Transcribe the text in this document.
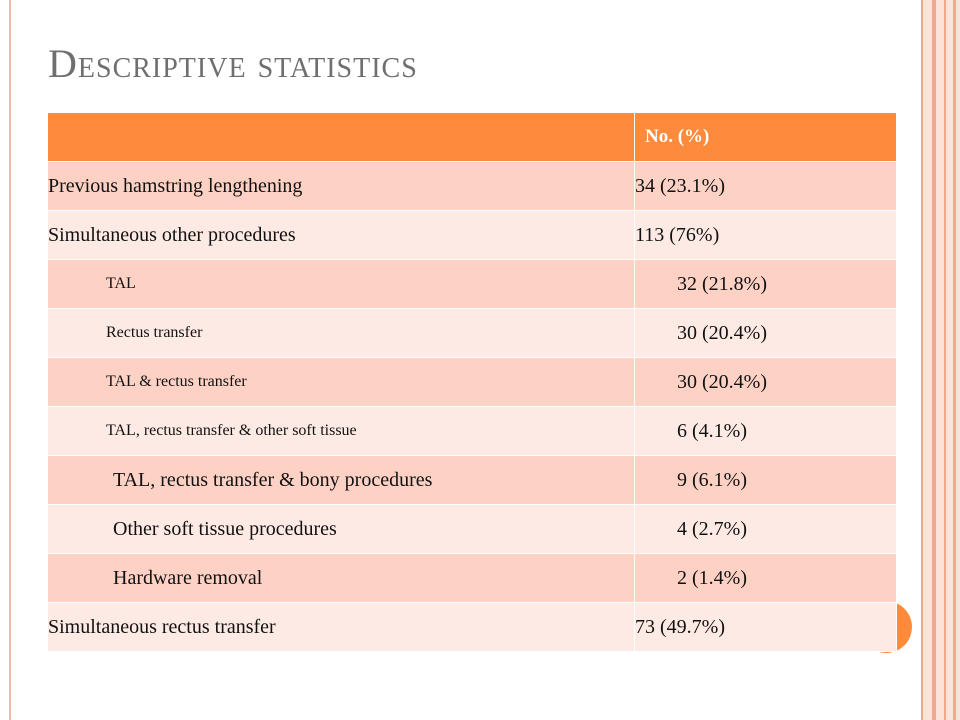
Descriptive statistics
	No. (%)
Previous hamstring lengthening	34 (23.1%)
Simultaneous other procedures	113 (76%)
TAL	32 (21.8%)
Rectus transfer	30 (20.4%)
TAL & rectus transfer	30 (20.4%)
TAL, rectus transfer & other soft tissue	6 (4.1%)
TAL, rectus transfer & bony procedures	9 (6.1%)
Other soft tissue procedures	4 (2.7%)
Hardware removal	2 (1.4%)
Simultaneous rectus transfer	73 (49.7%)
